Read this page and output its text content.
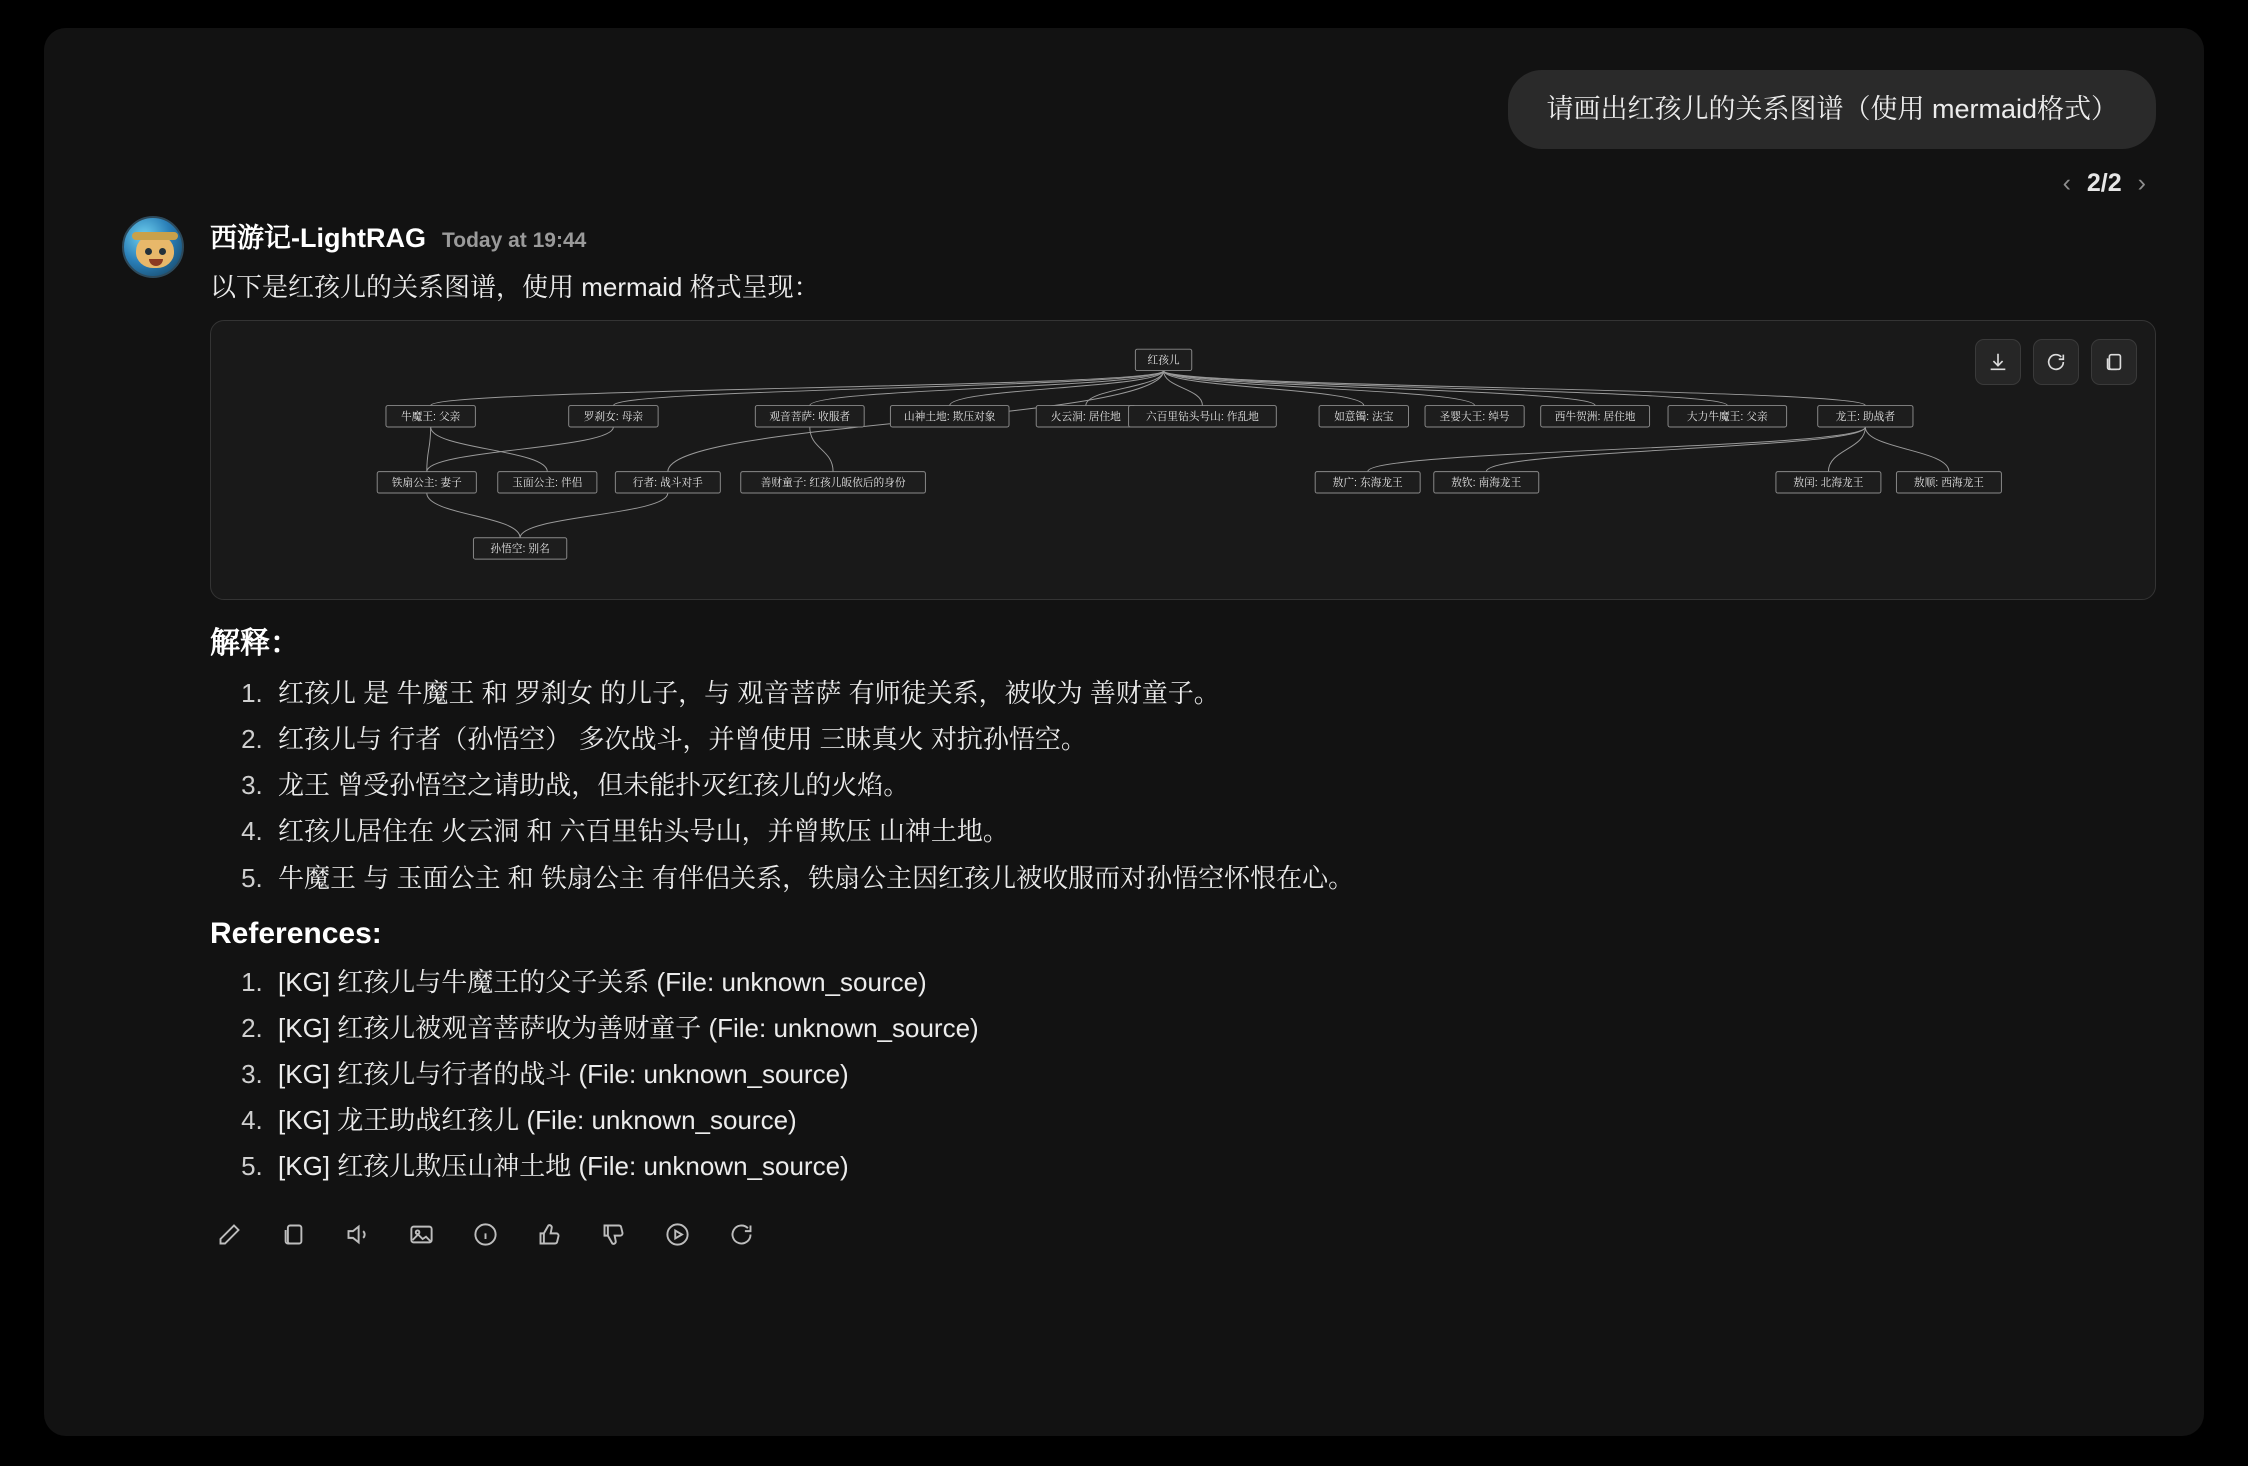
请画出红孩儿的关系图谱（使用 mermaid格式）
‹ 2/2 ›
西游记-LightRAG Today at 19:44
以下是红孩儿的关系图谱，使用 mermaid 格式呈现：
红孩儿
牛魔王: 父亲	罗刹女: 母亲	观音菩萨: 收服者	山神土地: 欺压对象	火云洞: 居住地 六百里钻头号山: 作乱地	如意镯: 法宝	圣婴大王: 绰号	西牛贺洲: 居住地	大力牛魔王: 父亲	龙王: 助战者
铁扇公主: 妻子	玉面公主: 伴侣	行者: 战斗对手	善财童子: 红孩儿皈依后的身份	敖广: 东海龙王	敖钦: 南海龙王	敖闰: 北海龙王	敖顺: 西海龙王
孙悟空: 别名
解释：
1. 红孩儿 是 牛魔王 和 罗刹女 的儿子，与 观音菩萨 有师徒关系，被收为 善财童子。
2. 红孩儿与 行者（孙悟空） 多次战斗，并曾使用 三昧真火 对抗孙悟空。
3. 龙王 曾受孙悟空之请助战，但未能扑灭红孩儿的火焰。
4. 红孩儿居住在 火云洞 和 六百里钻头号山，并曾欺压 山神土地。
5. 牛魔王 与 玉面公主 和 铁扇公主 有伴侣关系，铁扇公主因红孩儿被收服而对孙悟空怀恨在心。
References:
1. [KG] 红孩儿与牛魔王的父子关系 (File: unknown_source)
2. [KG] 红孩儿被观音菩萨收为善财童子 (File: unknown_source)
3. [KG] 红孩儿与行者的战斗 (File: unknown_source)
4. [KG] 龙王助战红孩儿 (File: unknown_source)
5. [KG] 红孩儿欺压山神土地 (File: unknown_source)
